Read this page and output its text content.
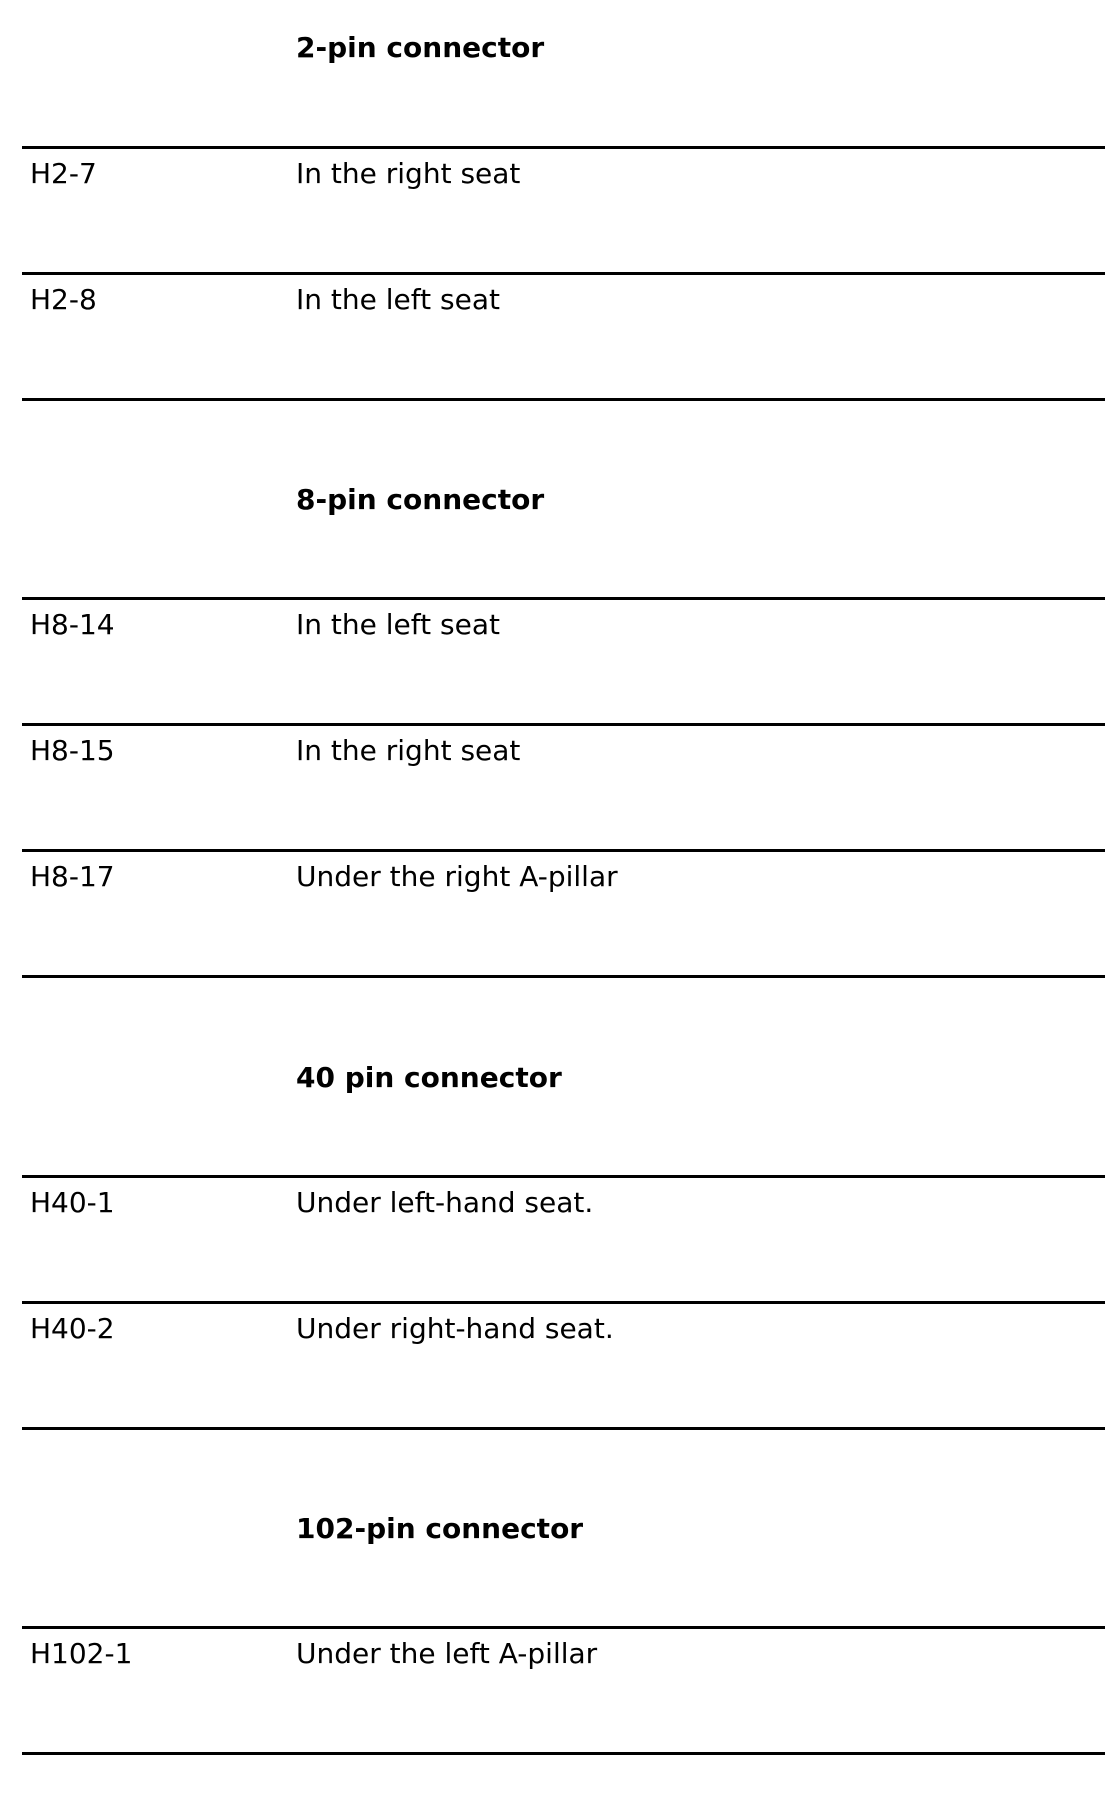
2-pin connector
H2-7	In the right seat
H2-8	In the left seat
8-pin connector
H8-14	In the left seat
H8-15	In the right seat
H8-17	Under the right A-pillar
40 pin connector
H40-1	Under left-hand seat.
H40-2	Under right-hand seat.
102-pin connector
H102-1	Under the left A-pillar
